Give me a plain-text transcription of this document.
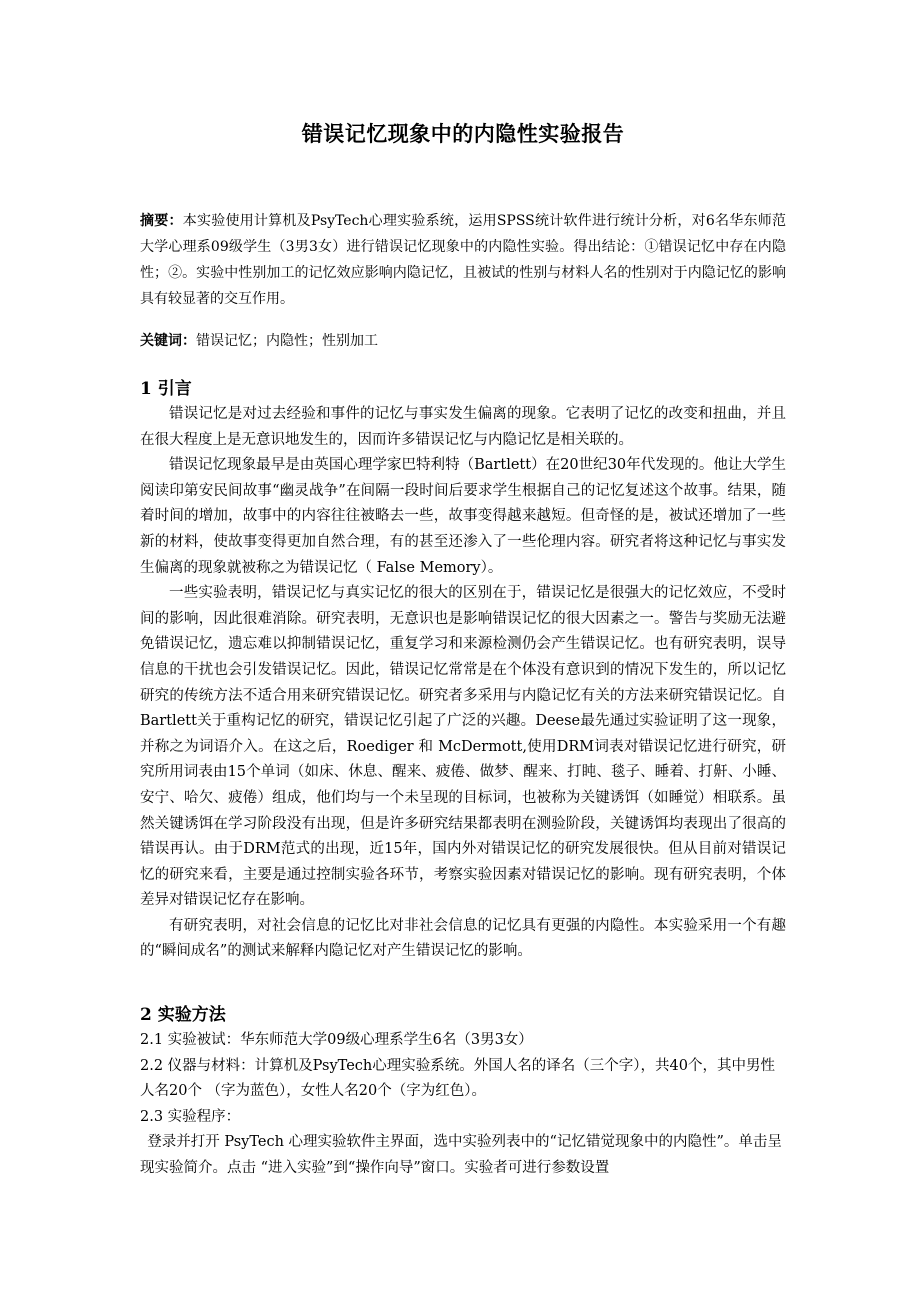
错误记忆现象中的内隐性实验报告
摘要：本实验使用计算机及PsyTech心理实验系统，运用SPSS统计软件进行统计分析，对6名华东师范大学心理系09级学生（3男3女）进行错误记忆现象中的内隐性实验。得出结论：①错误记忆中存在内隐性；②。实验中性别加工的记忆效应影响内隐记忆，且被试的性别与材料人名的性别对于内隐记忆的影响具有较显著的交互作用。
关键词：错误记忆；内隐性；性别加工

1 引言

错误记忆是对过去经验和事件的记忆与事实发生偏离的现象。它表明了记忆的改变和扭曲，并且在很大程度上是无意识地发生的，因而许多错误记忆与内隐记忆是相关联的。

错误记忆现象最早是由英国心理学家巴特利特（Bartlett）在20世纪30年代发现的。他让大学生阅读印第安民间故事“幽灵战争”在间隔一段时间后要求学生根据自己的记忆复述这个故事。结果，随着时间的增加，故事中的内容往往被略去一些，故事变得越来越短。但奇怪的是，被试还增加了一些新的材料，使故事变得更加自然合理，有的甚至还渗入了一些伦理内容。研究者将这种记忆与事实发生偏离的现象就被称之为错误记忆（ False Memory）。

一些实验表明，错误记忆与真实记忆的很大的区别在于，错误记忆是很强大的记忆效应，不受时间的影响，因此很难消除。研究表明，无意识也是影响错误记忆的很大因素之一。警告与奖励无法避免错误记忆，遗忘难以抑制错误记忆，重复学习和来源检测仍会产生错误记忆。也有研究表明，误导信息的干扰也会引发错误记忆。因此，错误记忆常常是在个体没有意识到的情况下发生的，所以记忆研究的传统方法不适合用来研究错误记忆。研究者多采用与内隐记忆有关的方法来研究错误记忆。自Bartlett关于重构记忆的研究，错误记忆引起了广泛的兴趣。Deese最先通过实验证明了这一现象，并称之为词语介入。在这之后，Roediger 和 McDermott,使用DRM词表对错误记忆进行研究，研究所用词表由15个单词（如床、休息、醒来、疲倦、做梦、醒来、打盹、毯子、睡着、打鼾、小睡、安宁、哈欠、疲倦）组成，他们均与一个未呈现的目标词，也被称为关键诱饵（如睡觉）相联系。虽然关键诱饵在学习阶段没有出现，但是许多研究结果都表明在测验阶段，关键诱饵均表现出了很高的错误再认。由于DRM范式的出现，近15年，国内外对错误记忆的研究发展很快。但从目前对错误记忆的研究来看，主要是通过控制实验各环节，考察实验因素对错误记忆的影响。现有研究表明，个体差异对错误记忆存在影响。

有研究表明，对社会信息的记忆比对非社会信息的记忆具有更强的内隐性。本实验采用一个有趣的“瞬间成名”的测试来解释内隐记忆对产生错误记忆的影响。

2 实验方法

2.1 实验被试：华东师范大学09级心理系学生6名（3男3女）

2.2 仪器与材料：计算机及PsyTech心理实验系统。外国人名的译名（三个字），共40个，其中男性人名20个 （字为蓝色），女性人名20个（字为红色）。

2.3 实验程序：

登录并打开 PsyTech 心理实验软件主界面，选中实验列表中的“记忆错觉现象中的内隐性”。单击呈现实验简介。点击 “进入实验”到“操作向导”窗口。实验者可进行参数设置
